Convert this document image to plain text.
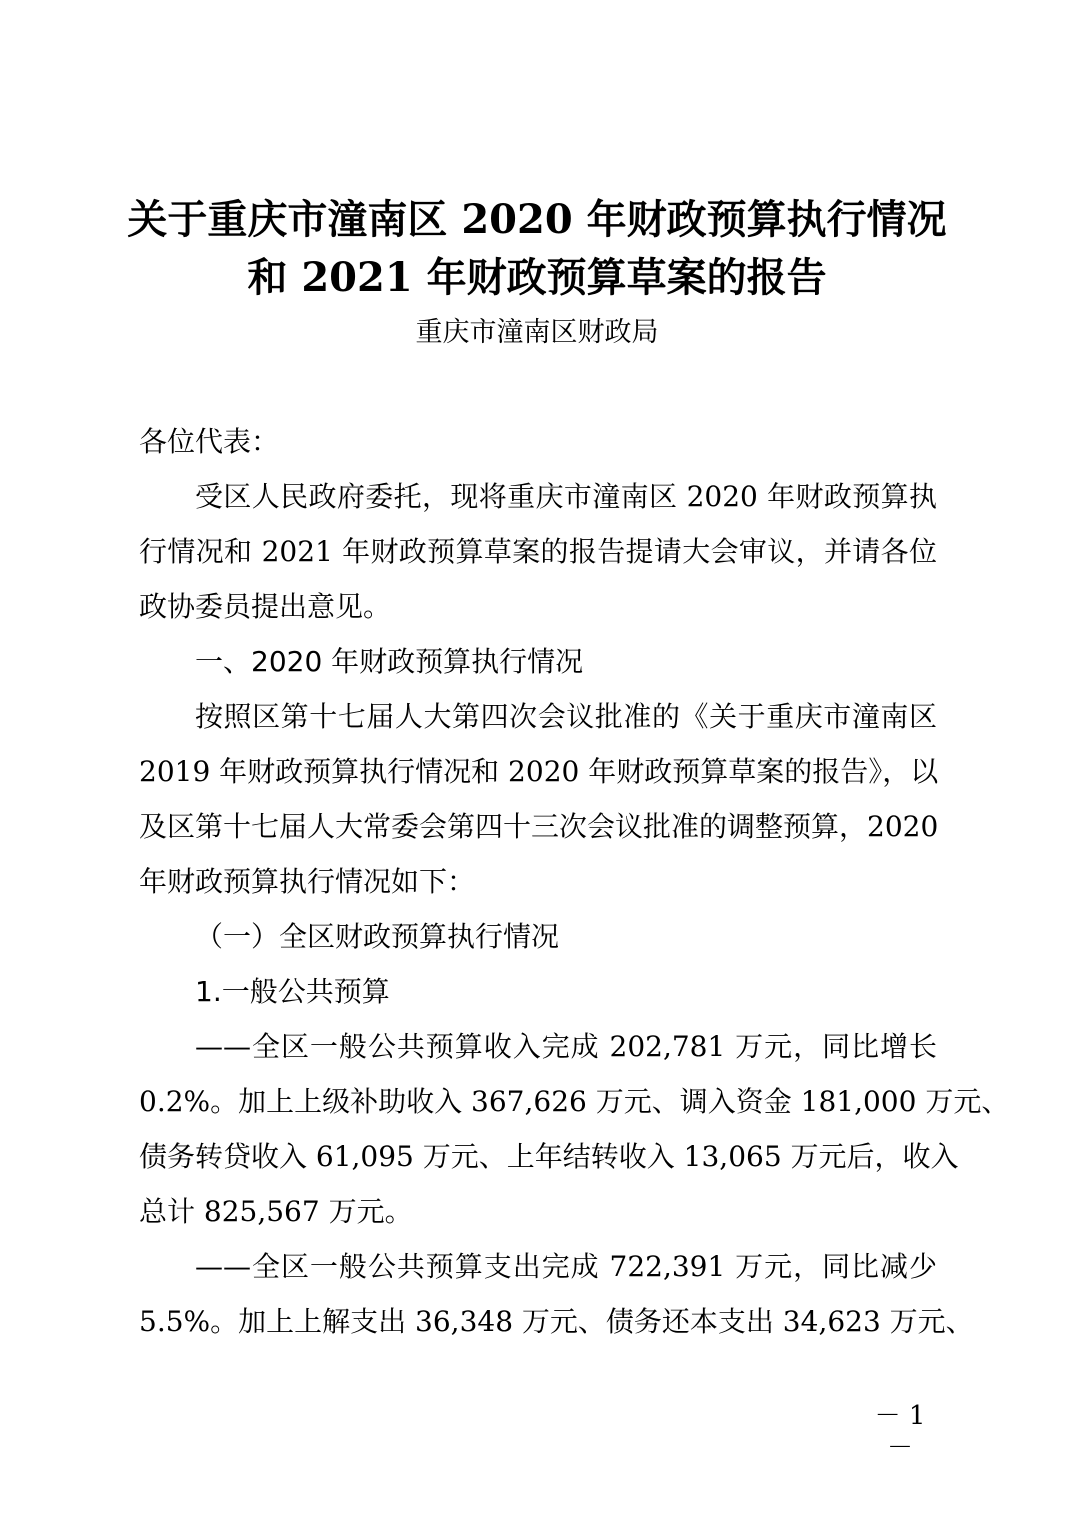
关于重庆市潼南区 2020 年财政预算执行情况
和 2021 年财政预算草案的报告
重庆市潼南区财政局
各位代表：
受区人民政府委托，现将重庆市潼南区 2020 年财政预算执
行情况和 2021 年财政预算草案的报告提请大会审议，并请各位
政协委员提出意见。
一、2020 年财政预算执行情况
按照区第十七届人大第四次会议批准的《关于重庆市潼南区
2019 年财政预算执行情况和 2020 年财政预算草案的报告》，以
及区第十七届人大常委会第四十三次会议批准的调整预算，2020
年财政预算执行情况如下：
（一）全区财政预算执行情况
1.一般公共预算
——全区一般公共预算收入完成 202,781 万元，同比增长
0.2%。加上上级补助收入 367,626 万元、调入资金 181,000 万元、
债务转贷收入 61,095 万元、上年结转收入 13,065 万元后，收入
总计 825,567 万元。
——全区一般公共预算支出完成 722,391 万元，同比减少
5.5%。加上上解支出 36,348 万元、债务还本支出 34,623 万元、
－ 1 －
